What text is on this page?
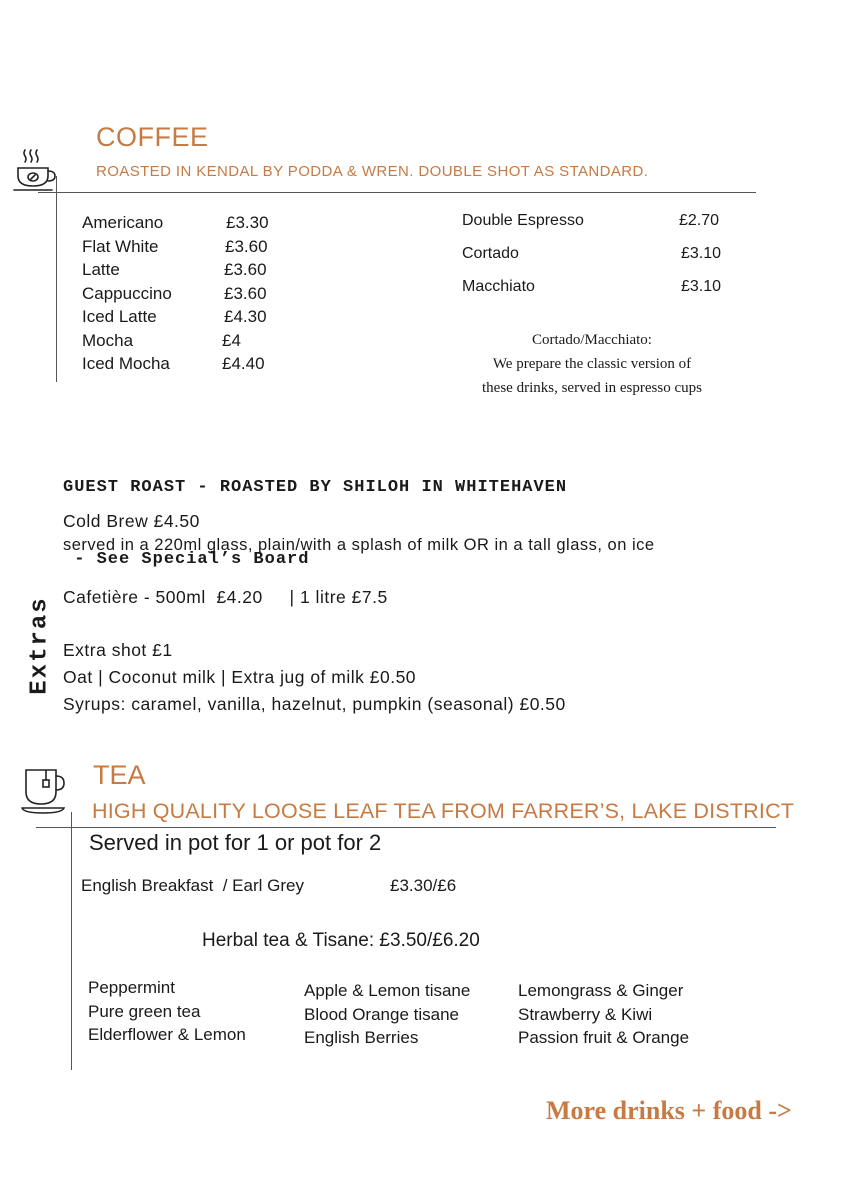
COFFEE
ROASTED IN KENDAL BY PODDA & WREN. DOUBLE SHOT AS STANDARD.
Americano	£3.30
Flat White	£3.60
Latte	£3.60
Cappuccino	£3.60
Iced Latte	£4.30
Mocha	£4
Iced Mocha	£4.40
Double Espresso	£2.70
Cortado	£3.10
Macchiato	£3.10
Cortado/Macchiato:
We prepare the classic version of
these drinks, served in espresso cups

GUEST ROAST - ROASTED BY SHILOH IN WHITEHAVEN

- See Special’s Board

Extras
Cold Brew £4.50
served in a 220ml glass, plain/with a splash of milk OR in a tall glass, on ice
Cafetière - 500ml  £4.20     | 1 litre £7.5
Extra shot £1
Oat | Coconut milk | Extra jug of milk £0.50
Syrups: caramel, vanilla, hazelnut, pumpkin (seasonal) £0.50
TEA
HIGH QUALITY LOOSE LEAF TEA FROM FARRER’S, LAKE DISTRICT
Served in pot for 1 or pot for 2
English Breakfast  / Earl Grey	£3.30/£6
Herbal tea & Tisane: £3.50/£6.20
Peppermint
Pure green tea
Elderflower & Lemon
Apple & Lemon tisane
Blood Orange tisane
English Berries
Lemongrass & Ginger
Strawberry & Kiwi
Passion fruit & Orange
More drinks + food ->
